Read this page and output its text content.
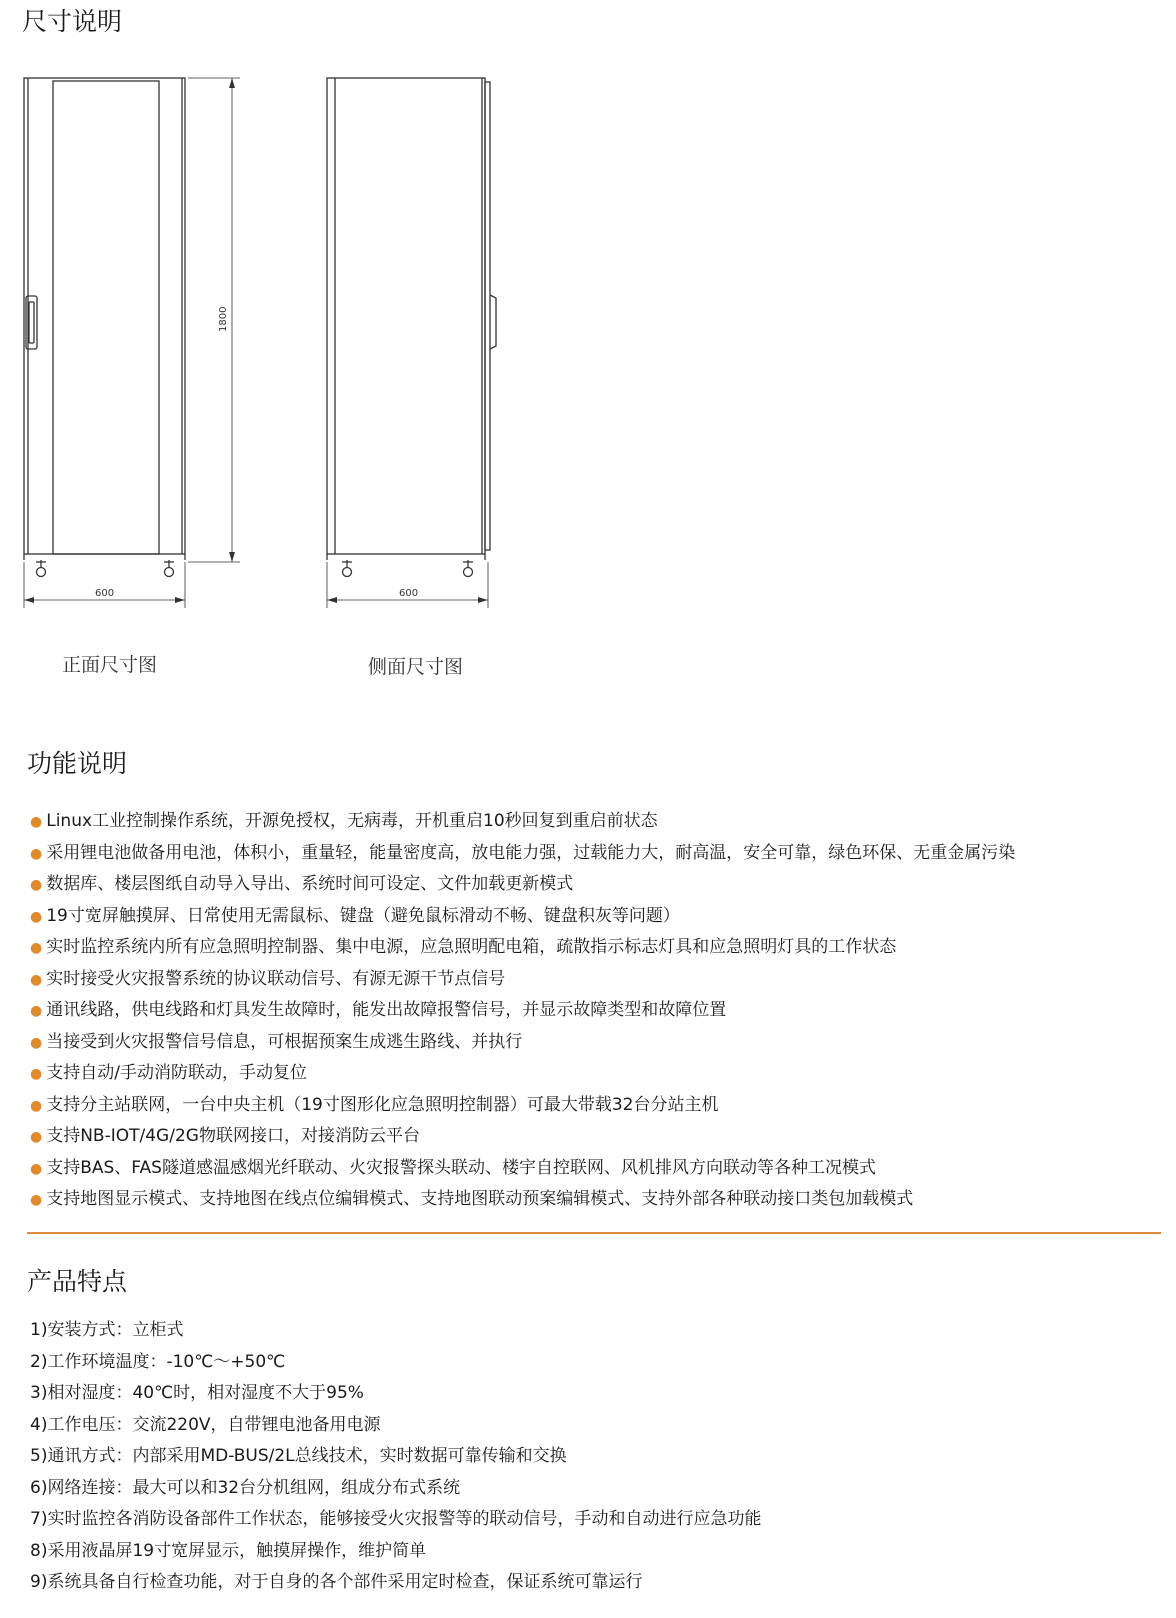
尺寸说明
1800
600	600
正面尺寸图	侧面尺寸图
功能说明
● Linux工业控制操作系统，开源免授权，无病毒，开机重启10秒回复到重启前状态
● 采用锂电池做备用电池，体积小，重量轻，能量密度高，放电能力强，过载能力大，耐高温，安全可靠，绿色环保、无重金属污染
● 数据库、楼层图纸自动导入导出、系统时间可设定、文件加载更新模式
● 19寸宽屏触摸屏、日常使用无需鼠标、键盘（避免鼠标滑动不畅、键盘积灰等问题）
● 实时监控系统内所有应急照明控制器、集中电源，应急照明配电箱，疏散指示标志灯具和应急照明灯具的工作状态
● 实时接受火灾报警系统的协议联动信号、有源无源干节点信号
● 通讯线路，供电线路和灯具发生故障时，能发出故障报警信号，并显示故障类型和故障位置
● 当接受到火灾报警信号信息，可根据预案生成逃生路线、并执行
● 支持自动/手动消防联动，手动复位
● 支持分主站联网，一台中央主机（19寸图形化应急照明控制器）可最大带载32台分站主机
● 支持NB-IOT/4G/2G物联网接口，对接消防云平台
● 支持BAS、FAS隧道感温感烟光纤联动、火灾报警探头联动、楼宇自控联网、风机排风方向联动等各种工况模式
● 支持地图显示模式、支持地图在线点位编辑模式、支持地图联动预案编辑模式、支持外部各种联动接口类包加载模式
产品特点
1)安装方式：立柜式
2)工作环境温度：-10℃～+50℃
3)相对湿度：40℃时，相对湿度不大于95%
4)工作电压：交流220V，自带锂电池备用电源
5)通讯方式：内部采用MD-BUS/2L总线技术，实时数据可靠传输和交换
6)网络连接：最大可以和32台分机组网，组成分布式系统
7)实时监控各消防设备部件工作状态，能够接受火灾报警等的联动信号，手动和自动进行应急功能
8)采用液晶屏19寸宽屏显示，触摸屏操作，维护简单
9)系统具备自行检查功能，对于自身的各个部件采用定时检查，保证系统可靠运行
